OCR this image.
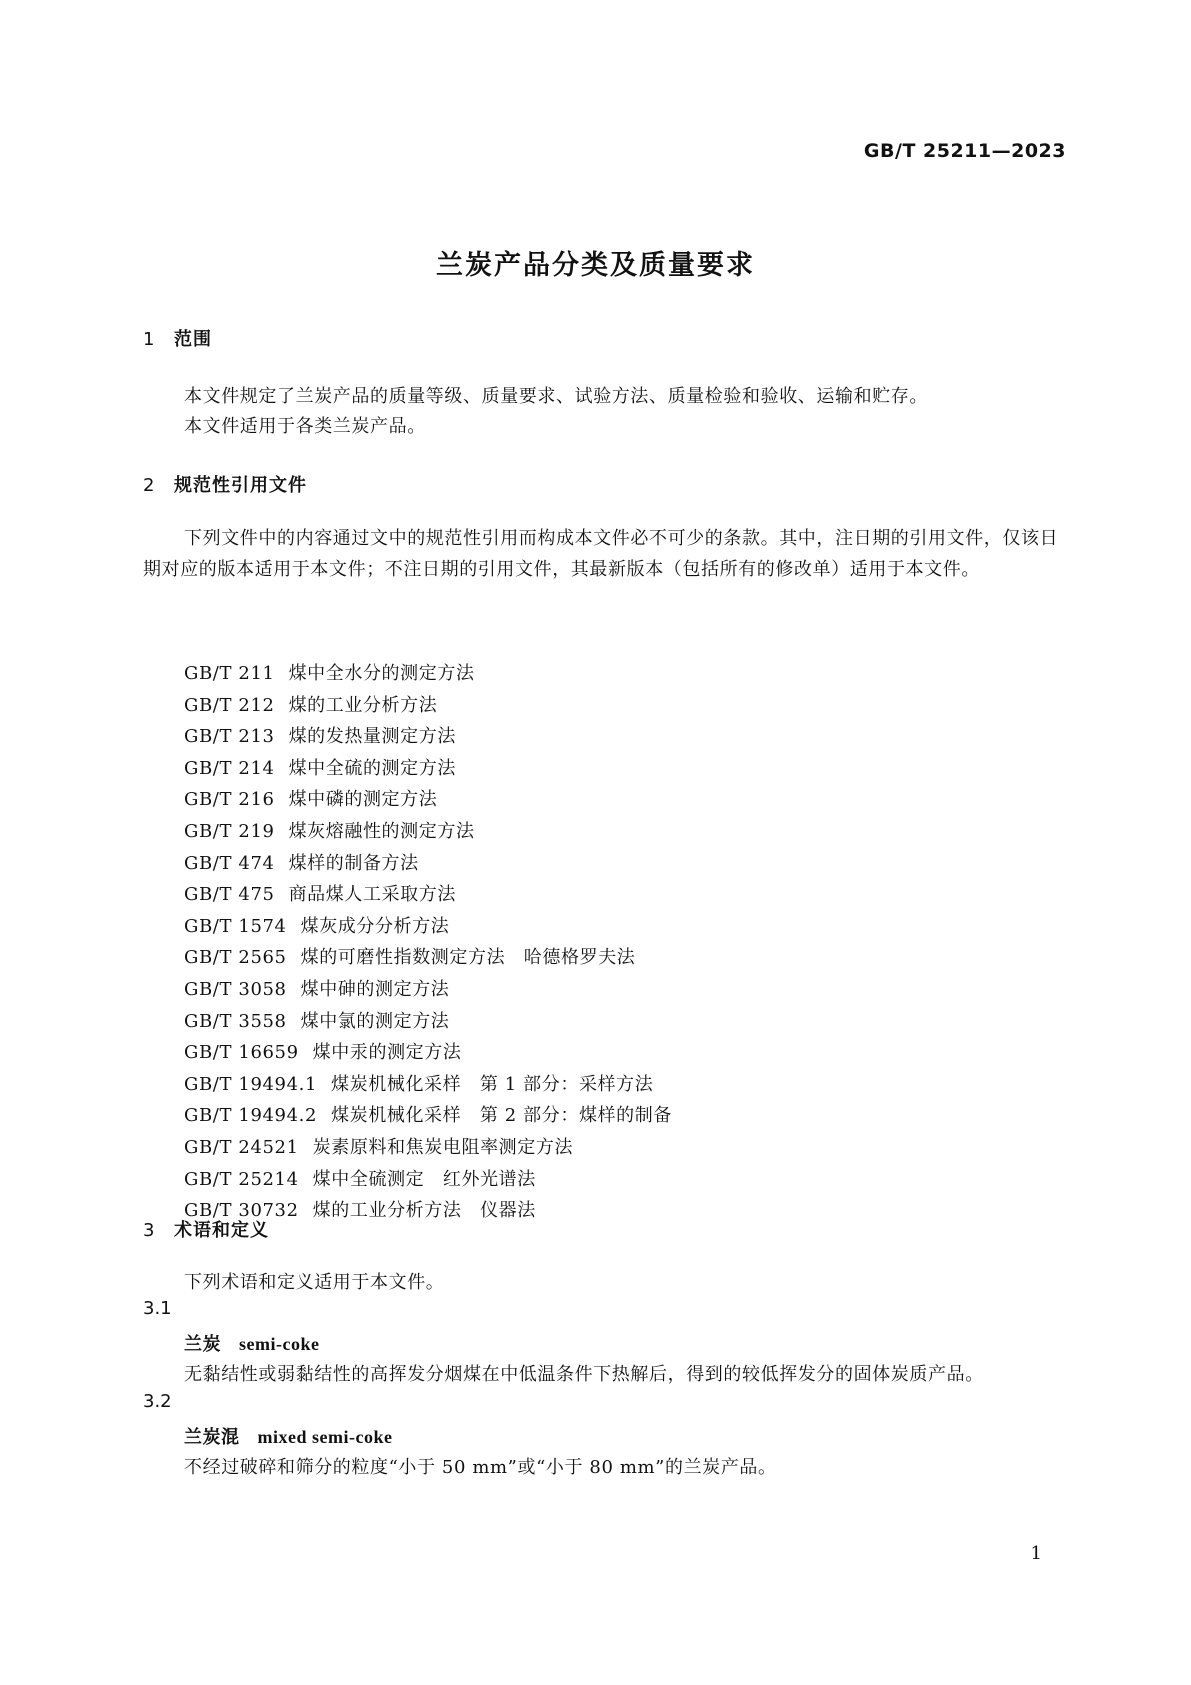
GB/T 25211—2023
兰炭产品分类及质量要求
1 范围
本文件规定了兰炭产品的质量等级、质量要求、试验方法、质量检验和验收、运输和贮存。
本文件适用于各类兰炭产品。
2 规范性引用文件
下列文件中的内容通过文中的规范性引用而构成本文件必不可少的条款。其中，注日期的引用文件，仅该日期对应的版本适用于本文件；不注日期的引用文件，其最新版本（包括所有的修改单）适用于本文件。
GB/T 211 煤中全水分的测定方法
GB/T 212 煤的工业分析方法
GB/T 213 煤的发热量测定方法
GB/T 214 煤中全硫的测定方法
GB/T 216 煤中磷的测定方法
GB/T 219 煤灰熔融性的测定方法
GB/T 474 煤样的制备方法
GB/T 475 商品煤人工采取方法
GB/T 1574 煤灰成分分析方法
GB/T 2565 煤的可磨性指数测定方法　哈德格罗夫法
GB/T 3058 煤中砷的测定方法
GB/T 3558 煤中氯的测定方法
GB/T 16659 煤中汞的测定方法
GB/T 19494.1 煤炭机械化采样　第 1 部分：采样方法
GB/T 19494.2 煤炭机械化采样　第 2 部分：煤样的制备
GB/T 24521 炭素原料和焦炭电阻率测定方法
GB/T 25214 煤中全硫测定　红外光谱法
GB/T 30732 煤的工业分析方法　仪器法
3 术语和定义
下列术语和定义适用于本文件。
3.1
兰炭 semi-coke
无黏结性或弱黏结性的高挥发分烟煤在中低温条件下热解后，得到的较低挥发分的固体炭质产品。
3.2
兰炭混 mixed semi-coke
不经过破碎和筛分的粒度“小于 50 mm”或“小于 80 mm”的兰炭产品。
1
